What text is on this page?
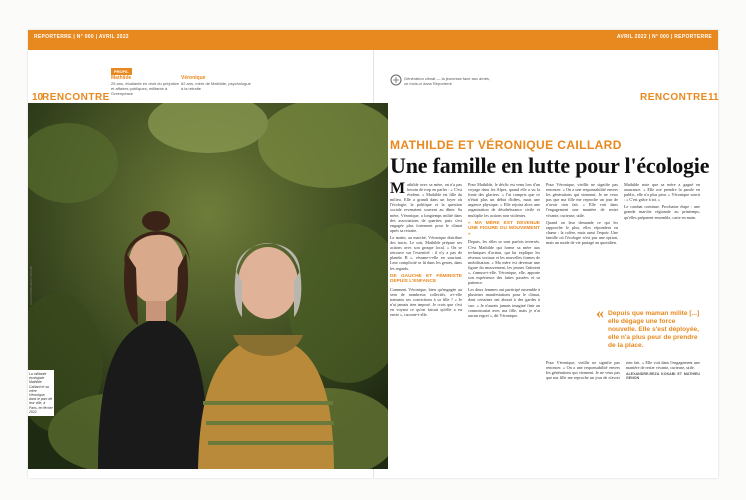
REPORTERRE | N° 000 | AVRIL 2022	AVRIL 2022 | N° 000 | REPORTERRE
10
RENCONTRE
PROFIL
Mathilde
25 ans, étudiante en droit du préjudice et affaires publiques, militante à Greenpeace
Véronique
62 ans, mère de Mathilde, psychologue à la retraite
Génération climat — la jeunesse face aux aînés, ce mois-ci dans Reporterre
RENCONTRE 11
ALEXANDRE-REZA KOKABI
La militante écologiste Mathilde Caillard et sa mère Véronique, dans le parc de leur ville, à Paris, en février 2022.
MATHILDE ET VÉRONIQUE CAILLARD
Une famille en lutte pour l'écologie

Mathilde avec sa mère, on n'a pas besoin de trop en parler : « C'est évident. » Mathilde est fille du milieu. Elle a grandi dans un foyer où l'écologie, la politique et la question sociale revenaient souvent au dîner. Sa mère, Véronique, a longtemps milité dans des associations de quartier, puis s'est engagée plus fortement pour le climat après sa retraite.

Le matin, au marché, Véronique distribue des tracts. Le soir, Mathilde prépare ses actions avec son groupe local. « On se retrouve sur l'essentiel : il n'y a pas de planète B », résume-t-elle en souriant. Leur complicité se lit dans les gestes, dans les regards.

DE GAUCHE ET FÉMINISTE DEPUIS L'ENFANCE

Comment Véronique, bien qu'engagée au sein de nombreux collectifs, a-t-elle transmis ses convictions à sa fille ? « Je n'ai jamais rien imposé. Je crois que c'est en voyant ce qu'on faisait qu'elle a eu envie », raconte-t-elle.

Pour Mathilde, le déclic est venu lors d'un voyage dans les Alpes, quand elle a vu la fonte des glaciers. « J'ai compris que ce n'était plus un débat d'idées, mais une urgence physique. » Elle rejoint alors une organisation de désobéissance civile et multiplie les actions non violentes.

« MA MÈRE EST DEVENUE UNE FIGURE DU MOUVEMENT »

Depuis, les rôles se sont parfois inversés. C'est Mathilde qui forme sa mère aux techniques d'action, qui lui explique les réseaux sociaux et les nouvelles formes de mobilisation. « Ma mère est devenue une figure du mouvement, les jeunes l'adorent », s'amuse-t-elle. Véronique, elle, apporte son expérience des luttes passées et sa patience.

Les deux femmes ont participé ensemble à plusieurs manifestations pour le climat, dont certaines ont abouti à des gardes à vue. « Je n'aurais jamais imaginé finir au commissariat avec ma fille, mais je n'ai aucun regret », dit Véronique.

Pour Véronique, vieillir ne signifie pas renoncer. « On a une responsabilité envers les générations qui viennent. Je ne veux pas que ma fille me reproche un jour de n'avoir rien fait. » Elle voit dans l'engagement une manière de rester vivante, curieuse, utile.

Quand on leur demande ce qui les rapproche le plus, elles répondent en chœur : la colère, mais aussi l'espoir. Une famille où l'écologie n'est pas une option, mais un mode de vie partagé au quotidien.

Mathilde note que sa mère a gagné en assurance. « Elle ose prendre la parole en public, elle n'a plus peur. » Véronique sourit : « C'est grâce à toi. »

Le combat continue. Prochaine étape : une grande marche régionale au printemps, qu'elles préparent ensemble, carte en main.

« Depuis que maman milite [...] elle dégage une force nouvelle. Elle s'est déployée, elle n'a plus peur de prendre de la place.

Pour Véronique, vieillir ne signifie pas renoncer. « On a une responsabilité envers les générations qui viennent. Je ne veux pas que ma fille me reproche un jour de n'avoir rien fait. » Elle voit dans l'engagement une manière de rester vivante, curieuse, utile.

ALEXANDRE-REZA KOKABI ET MATHIEU GENON
